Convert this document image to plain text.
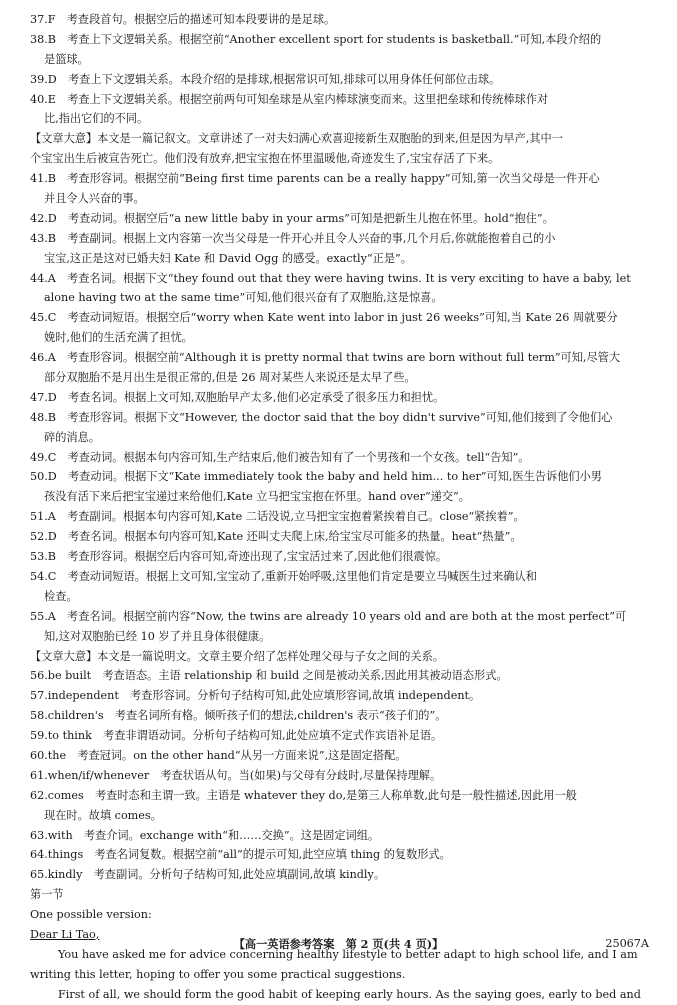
37.F　考查段首句。根据空后的描述可知本段要讲的是足球。
38.B　考查上下文逻辑关系。根据空前“Another excellent sport for students is basketball.”可知,本段介绍的
是篮球。
39.D　考查上下文逻辑关系。本段介绍的是排球,根据常识可知,排球可以用身体任何部位击球。
40.E　考查上下文逻辑关系。根据空前两句可知垒球是从室内棒球演变而来。这里把垒球和传统棒球作对
比,指出它们的不同。
【文章大意】本文是一篇记叙文。文章讲述了一对夫妇满心欢喜迎接新生双胞胎的到来,但是因为早产,其中一
个宝宝出生后被宣告死亡。他们没有放弃,把宝宝抱在怀里温暖他,奇迹发生了,宝宝存活了下来。
41.B　考查形容词。根据空前“Being first time parents can be a really happy”可知,第一次当父母是一件开心
并且令人兴奋的事。
42.D　考查动词。根据空后“a new little baby in your arms”可知是把新生儿抱在怀里。hold“抱住”。
43.B　考查副词。根据上文内容第一次当父母是一件开心并且令人兴奋的事,几个月后,你就能抱着自己的小
宝宝,这正是这对已婚夫妇 Kate 和 David Ogg 的感受。exactly“正是”。
44.A　考查名词。根据下文“they found out that they were having twins. It is very exciting to have a baby, let
alone having two at the same time”可知,他们很兴奋有了双胞胎,这是惊喜。
45.C　考查动词短语。根据空后“worry when Kate went into labor in just 26 weeks”可知,当 Kate 26 周就要分
娩时,他们的生活充满了担忧。
46.A　考查形容词。根据空前“Although it is pretty normal that twins are born without full term”可知,尽管大
部分双胞胎不是月出生是很正常的,但是 26 周对某些人来说还是太早了些。
47.D　考查名词。根据上文可知,双胞胎早产太多,他们必定承受了很多压力和担忧。
48.B　考查形容词。根据下文“However, the doctor said that the boy didn't survive”可知,他们接到了令他们心
碎的消息。
49.C　考查动词。根据本句内容可知,生产结束后,他们被告知有了一个男孩和一个女孩。tell“告知”。
50.D　考查动词。根据下文“Kate immediately took the baby and held him... to her”可知,医生告诉他们小男
孩没有活下来后把宝宝递过来给他们,Kate 立马把宝宝抱在怀里。hand over“递交”。
51.A　考查副词。根据本句内容可知,Kate 二话没说,立马把宝宝抱着紧挨着自己。close“紧挨着”。
52.D　考查名词。根据本句内容可知,Kate 还叫丈夫爬上床,给宝宝尽可能多的热量。heat“热量”。
53.B　考查形容词。根据空后内容可知,奇迹出现了,宝宝活过来了,因此他们很震惊。
54.C　考查动词短语。根据上文可知,宝宝动了,重新开始呼吸,这里他们肯定是要立马喊医生过来确认和
检查。
55.A　考查名词。根据空前内容“Now, the twins are already 10 years old and are both at the most perfect”可
知,这对双胞胎已经 10 岁了并且身体很健康。
【文章大意】本文是一篇说明文。文章主要介绍了怎样处理父母与子女之间的关系。
56.be built　考查语态。主语 relationship 和 build 之间是被动关系,因此用其被动语态形式。
57.independent　考查形容词。分析句子结构可知,此处应填形容词,故填 independent。
58.children's　考查名词所有格。倾听孩子们的想法,children's 表示“孩子们的”。
59.to think　考查非谓语动词。分析句子结构可知,此处应填不定式作宾语补足语。
60.the　考查冠词。on the other hand“从另一方面来说”,这是固定搭配。
61.when/if/whenever　考查状语从句。当(如果)与父母有分歧时,尽量保持理解。
62.comes　考查时态和主谓一致。主语是 whatever they do,是第三人称单数,此句是一般性描述,因此用一般
现在时。故填 comes。
63.with　考查介词。exchange with“和……交换”。这是固定词组。
64.things　考查名词复数。根据空前“all”的提示可知,此空应填 thing 的复数形式。
65.kindly　考查副词。分析句子结构可知,此处应填副词,故填 kindly。
第一节
One possible version:
Dear Li Tao,
You have asked me for advice concerning healthy lifestyle to better adapt to high school life, and I am
writing this letter, hoping to offer you some practical suggestions.
First of all, we should form the good habit of keeping early hours. As the saying goes, early to bed and
【高一英语参考答案　第 2 页(共 4 页)】	25067A
